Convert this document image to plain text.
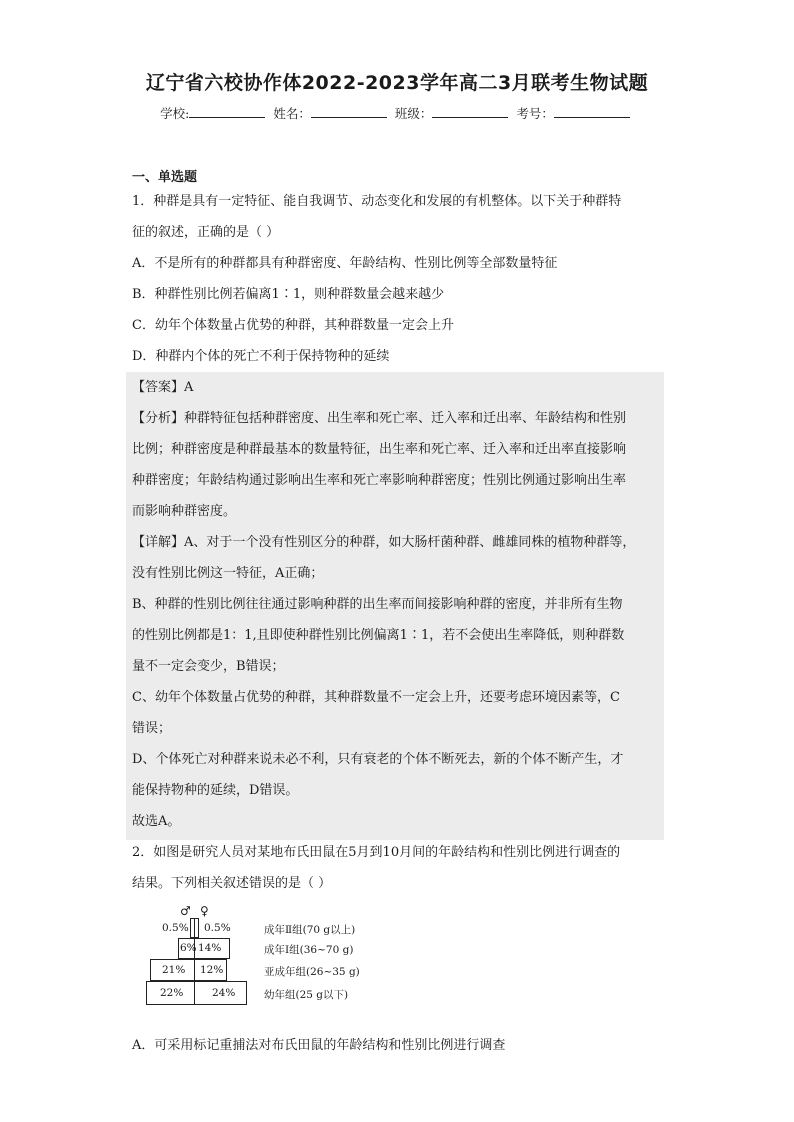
辽宁省六校协作体2022-2023学年高二3月联考生物试题
学校:	姓名：	班级：	考号：
一、单选题

1．种群是具有一定特征、能自我调节、动态变化和发展的有机整体。以下关于种群特

征的叙述，正确的是（ ）

A．不是所有的种群都具有种群密度、年龄结构、性别比例等全部数量特征

B．种群性别比例若偏离1∶1，则种群数量会越来越少

C．幼年个体数量占优势的种群，其种群数量一定会上升

D．种群内个体的死亡不利于保持物种的延续

【答案】A

【分析】种群特征包括种群密度、出生率和死亡率、迁入率和迁出率、年龄结构和性别

比例；种群密度是种群最基本的数量特征，出生率和死亡率、迁入率和迁出率直接影响

种群密度；年龄结构通过影响出生率和死亡率影响种群密度；性别比例通过影响出生率

而影响种群密度。

【详解】A、对于一个没有性别区分的种群，如大肠杆菌种群、雌雄同株的植物种群等，

没有性别比例这一特征，A正确；

B、种群的性别比例往往通过影响种群的出生率而间接影响种群的密度，并非所有生物

的性别比例都是1：1,且即使种群性别比例偏离1∶1，若不会使出生率降低，则种群数

量不一定会变少，B错误；

C、幼年个体数量占优势的种群，其种群数量不一定会上升，还要考虑环境因素等，C

错误；

D、个体死亡对种群来说未必不利，只有衰老的个体不断死去，新的个体不断产生，才

能保持物种的延续，D错误。

故选A。

2．如图是研究人员对某地布氏田鼠在5月到10月间的年龄结构和性别比例进行调查的

结果。下列相关叙述错误的是（ ）

♂ ♀
0.5% 0.5%	成年Ⅱ组(70 g以上)
6% 14%	成年Ⅰ组(36~70 g)
21% 12%	亚成年组(26~35 g)
22%	24%	幼年组(25 g以下)

A．可采用标记重捕法对布氏田鼠的年龄结构和性别比例进行调查
